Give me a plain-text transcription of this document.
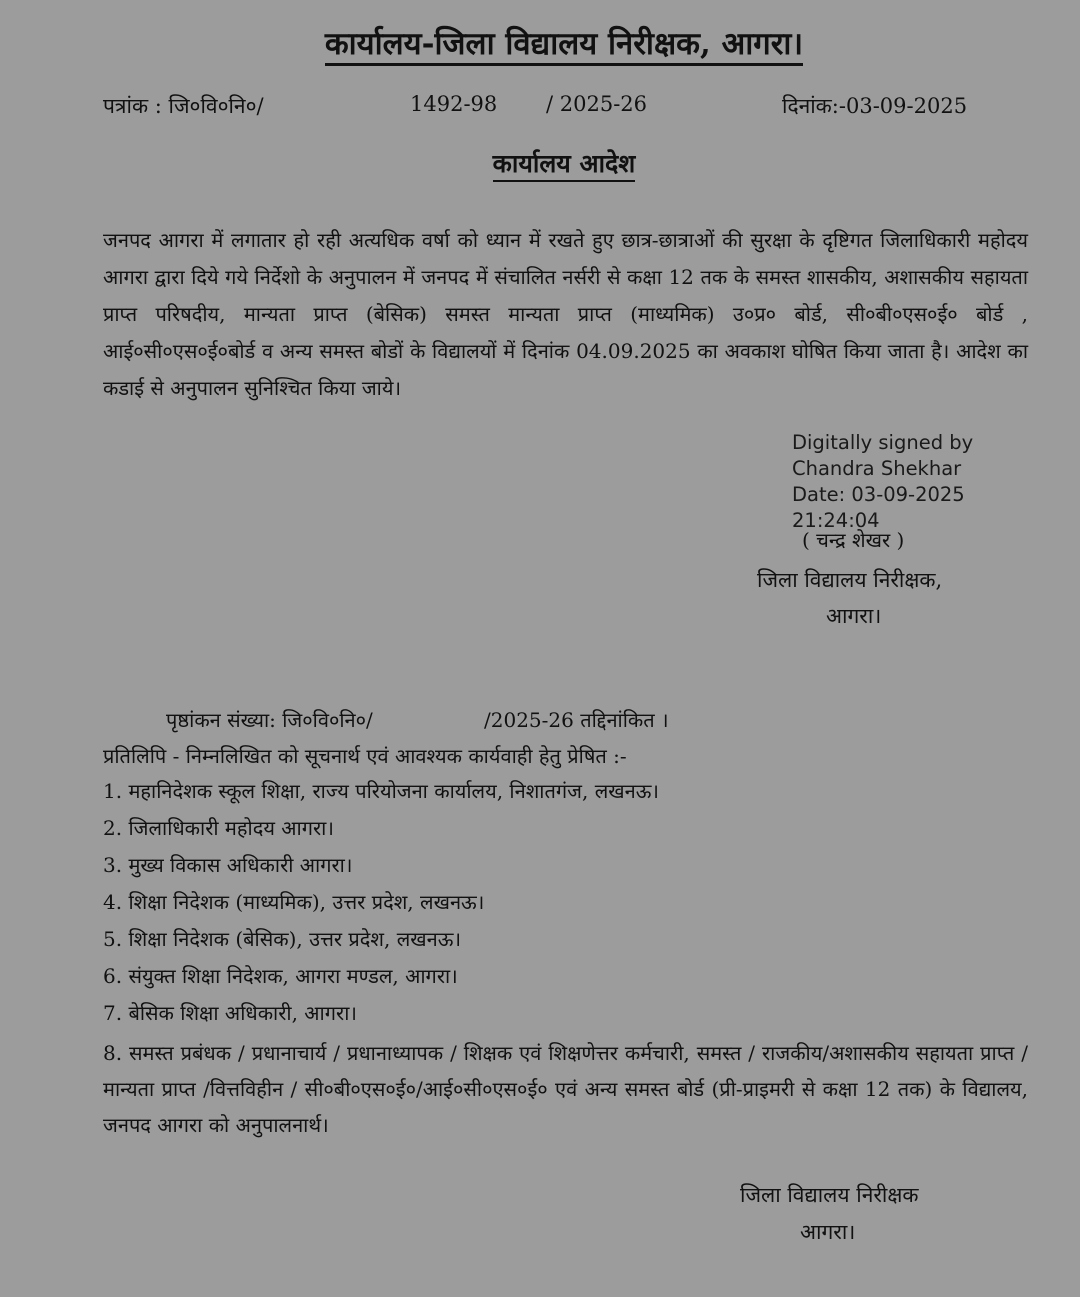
कार्यालय-जिला विद्यालय निरीक्षक, आगरा।
पत्रांक : जि०वि०नि०/	1492-98 / 2025-26	दिनांक:-03-09-2025
कार्यालय आदेश

जनपद आगरा में लगातार हो रही अत्यधिक वर्षा को ध्यान में रखते हुए छात्र-छात्राओं की सुरक्षा के दृष्टिगत जिलाधिकारी महोदय आगरा द्वारा दिये गये निर्देशो के अनुपालन में जनपद में संचालित नर्सरी से कक्षा 12 तक के समस्त शासकीय, अशासकीय सहायता प्राप्त परिषदीय, मान्यता प्राप्त (बेसिक) समस्त मान्यता प्राप्त (माध्यमिक) उ०प्र० बोर्ड, सी०बी०एस०ई० बोर्ड , आई०सी०एस०ई०बोर्ड व अन्य समस्त बोडों के विद्यालयों में दिनांक 04.09.2025 का अवकाश घोषित किया जाता है। आदेश का कडाई से अनुपालन सुनिश्चित किया जाये।

Digitally signed by
Chandra Shekhar
Date: 03-09-2025
21:24:04
( चन्द्र शेखर )
जिला विद्यालय निरीक्षक,
आगरा।
पृष्ठांकन संख्या: जि०वि०नि०/	/2025-26 तद्दिनांकित ।
प्रतिलिपि - निम्नलिखित को सूचनार्थ एवं आवश्यक कार्यवाही हेतु प्रेषित :-
1. महानिदेशक स्कूल शिक्षा, राज्य परियोजना कार्यालय, निशातगंज, लखनऊ।
2. जिलाधिकारी महोदय आगरा।
3. मुख्य विकास अधिकारी आगरा।
4. शिक्षा निदेशक (माध्यमिक), उत्तर प्रदेश, लखनऊ।
5. शिक्षा निदेशक (बेसिक), उत्तर प्रदेश, लखनऊ।
6. संयुक्त शिक्षा निदेशक, आगरा मण्डल, आगरा।
7. बेसिक शिक्षा अधिकारी, आगरा।
8. समस्त प्रबंधक / प्रधानाचार्य / प्रधानाध्यापक / शिक्षक एवं शिक्षणेत्तर कर्मचारी, समस्त / राजकीय/अशासकीय सहायता प्राप्त / मान्यता प्राप्त /वित्तविहीन / सी०बी०एस०ई०/आई०सी०एस०ई० एवं अन्य समस्त बोर्ड (प्री-प्राइमरी से कक्षा 12 तक) के विद्यालय, जनपद आगरा को अनुपालनार्थ।
जिला विद्यालय निरीक्षक
आगरा।
